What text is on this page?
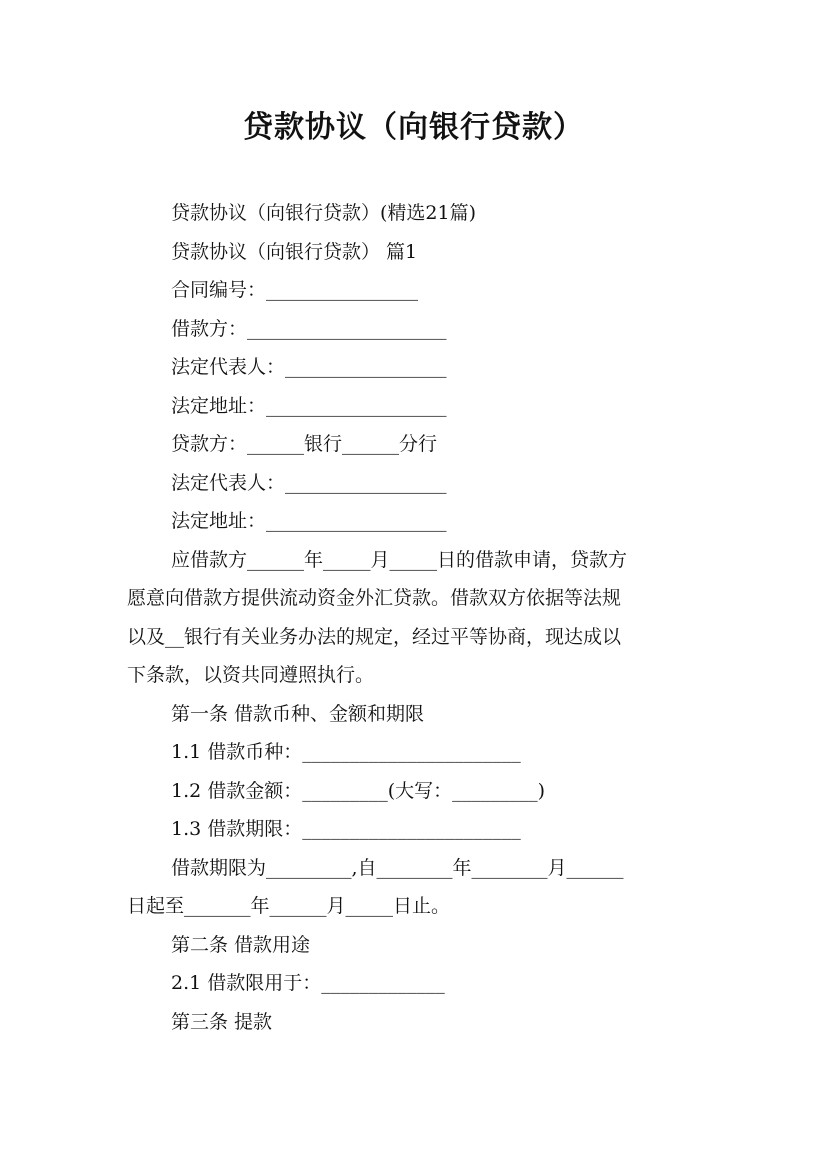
贷款协议（向银行贷款）
贷款协议（向银行贷款）(精选21篇)
贷款协议（向银行贷款） 篇1
合同编号：________________
借款方：_____________________
法定代表人：_________________
法定地址：___________________
贷款方：______银行______分行
法定代表人：_________________
法定地址：___________________
应借款方______年_____月_____日的借款申请，贷款方
愿意向借款方提供流动资金外汇贷款。借款双方依据等法规
以及__银行有关业务办法的规定，经过平等协商，现达成以
下条款，以资共同遵照执行。
第一条 借款币种、金额和期限
1.1 借款币种：_______________________
1.2 借款金额：_________(大写：_________)
1.3 借款期限：_______________________
借款期限为_________,自________年________月______
日起至_______年______月_____日止。
第二条 借款用途
2.1 借款限用于：_____________
第三条 提款
